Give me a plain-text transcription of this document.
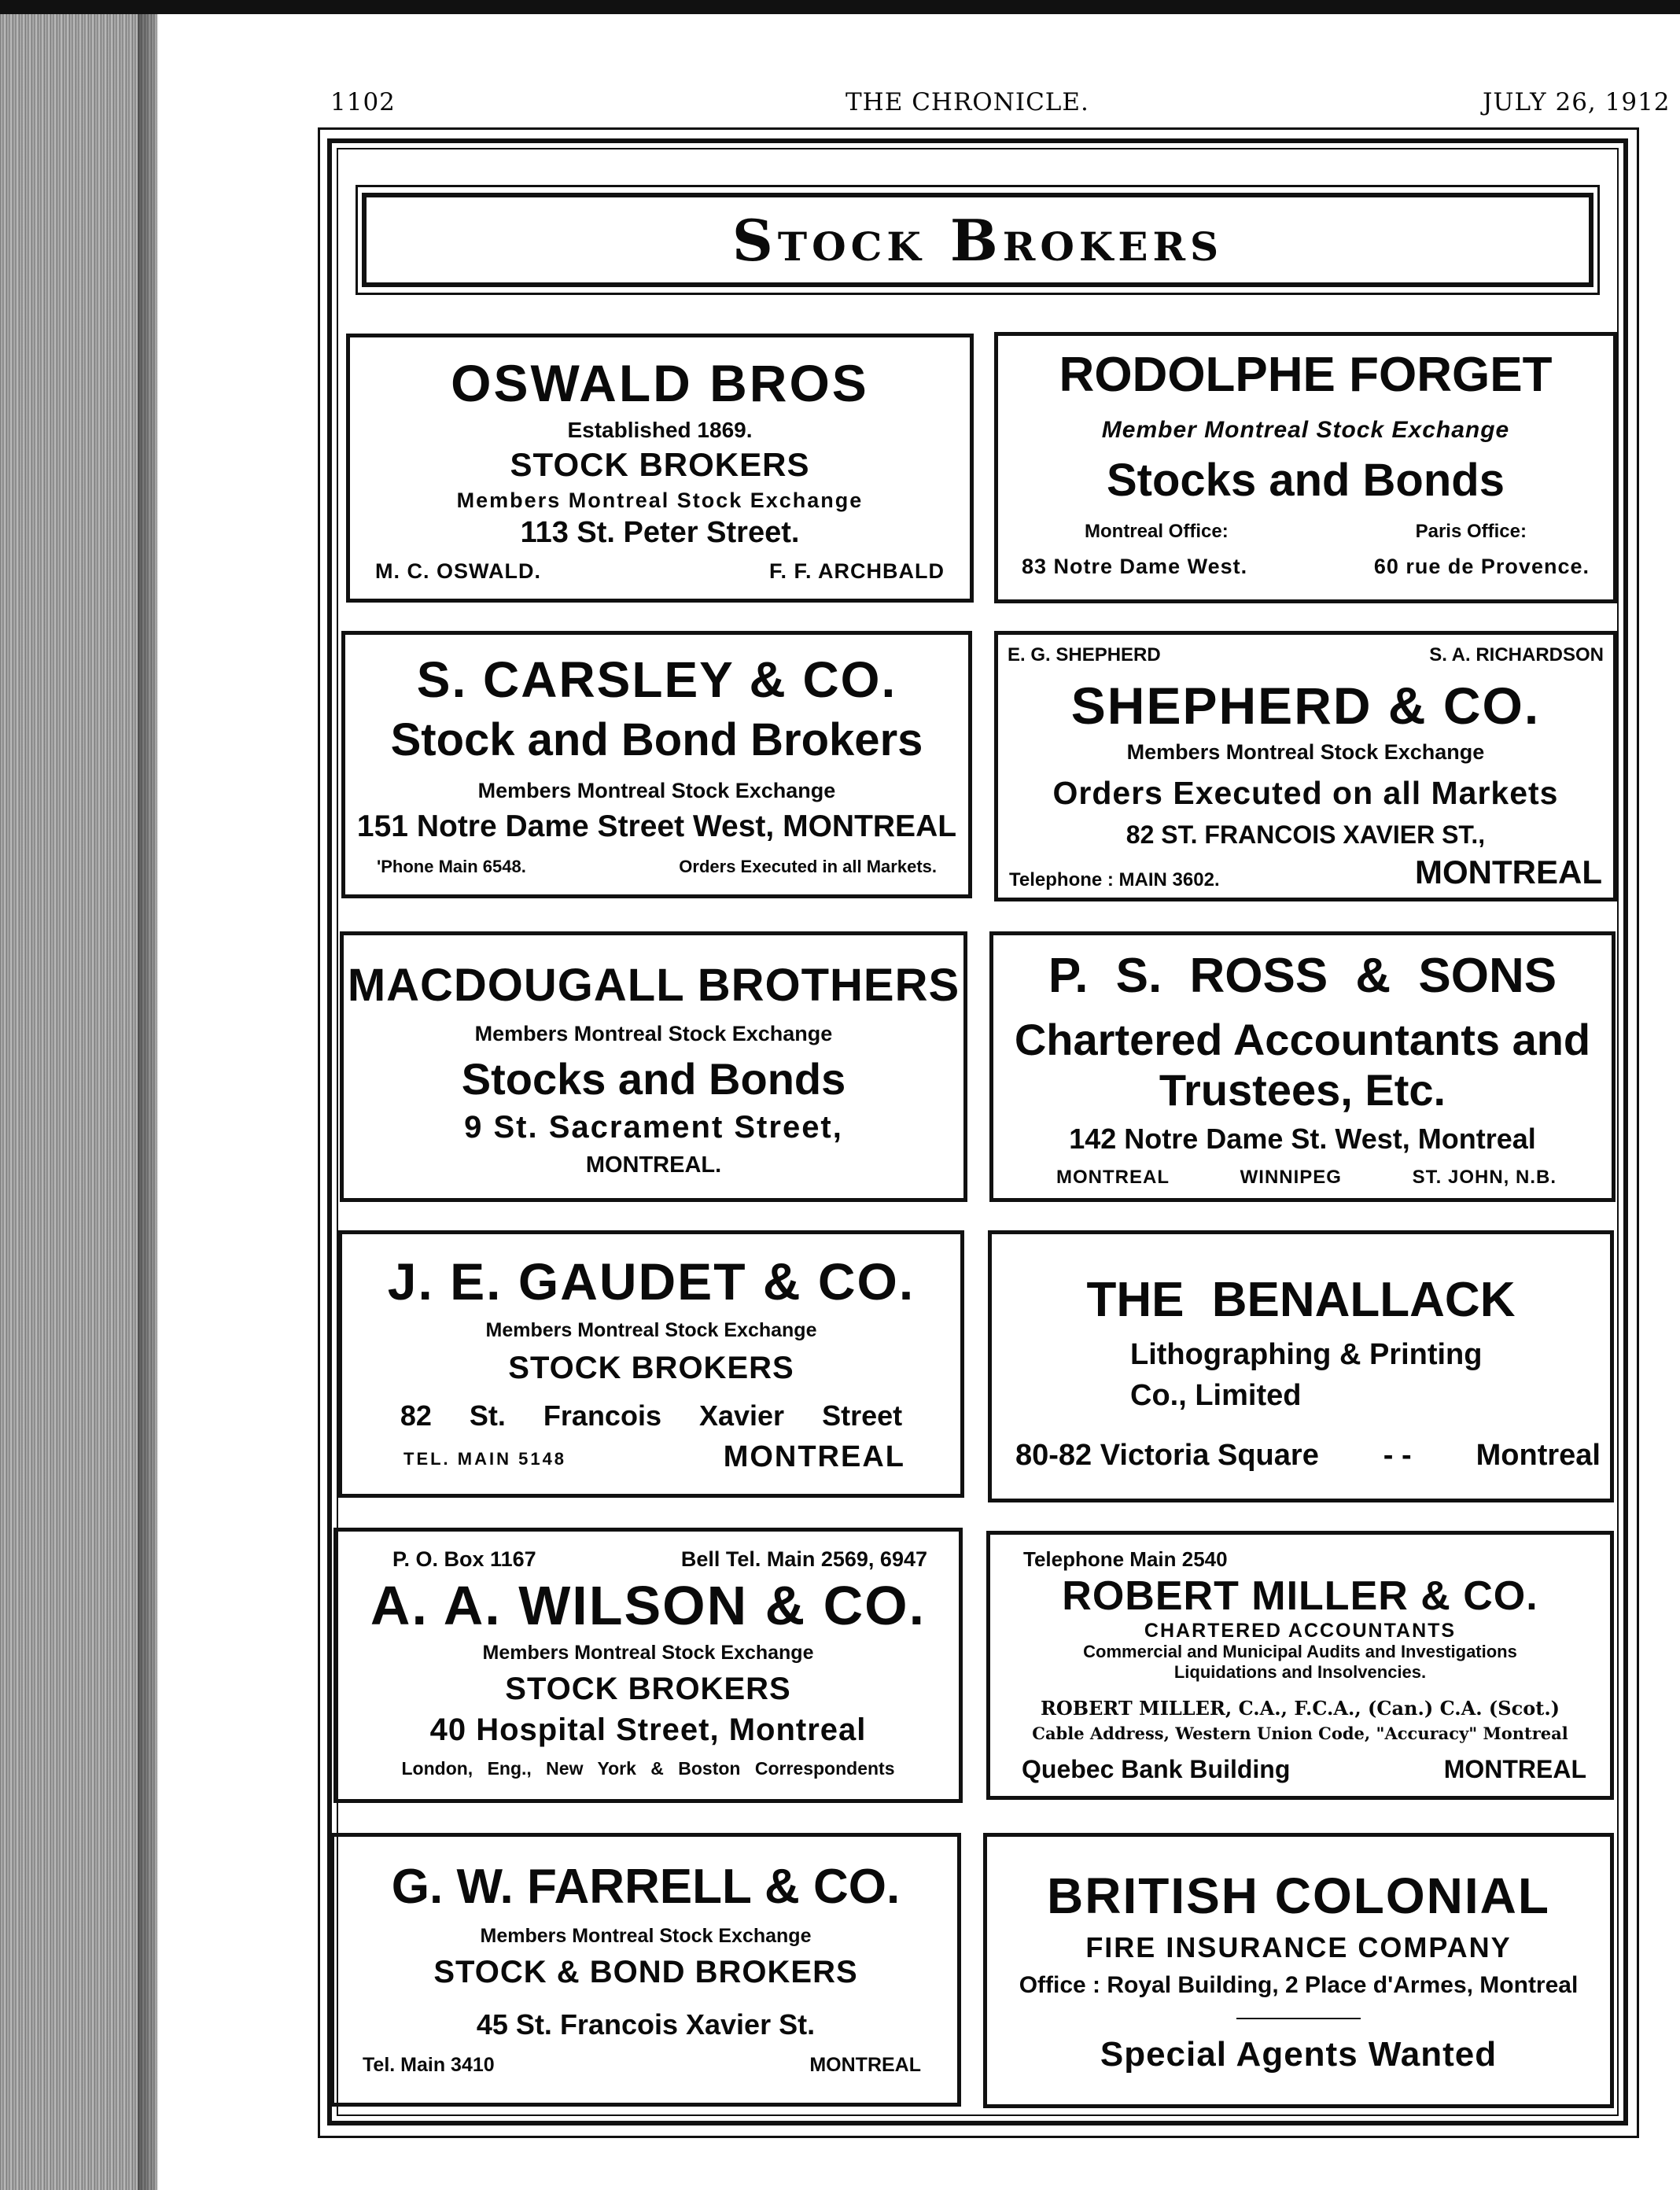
1102	THE CHRONICLE.	JULY 26, 1912
Stock Brokers
OSWALD BROS
Established 1869.
STOCK BROKERS
Members Montreal Stock Exchange
113 St. Peter Street.
M. C. OSWALD.	F. F. ARCHBALD
RODOLPHE FORGET
Member Montreal Stock Exchange
Stocks and Bonds
Montreal Office:	Paris Office:
83 Notre Dame West.	60 rue de Provence.
S. CARSLEY & CO.
Stock and Bond Brokers
Members Montreal Stock Exchange
151 Notre Dame Street West, MONTREAL
'Phone Main 6548.	Orders Executed in all Markets.
E. G. SHEPHERD	S. A. RICHARDSON
SHEPHERD & CO.
Members Montreal Stock Exchange
Orders Executed on all Markets
82 ST. FRANCOIS XAVIER ST.,
Telephone : MAIN 3602.	MONTREAL
MACDOUGALL BROTHERS
Members Montreal Stock Exchange
Stocks and Bonds
9 St. Sacrament Street,
MONTREAL.
P. S. ROSS & SONS
Chartered Accountants and
Trustees, Etc.
142 Notre Dame St. West, Montreal
MONTREAL	WINNIPEG	ST. JOHN, N.B.
J. E. GAUDET & CO.
Members Montreal Stock Exchange
STOCK BROKERS
82 St. Francois Xavier Street
TEL. MAIN 5148	MONTREAL
THE BENALLACK
Lithographing & Printing
Co., Limited
80-82 Victoria Square - - Montreal
P. O. Box 1167	Bell Tel. Main 2569, 6947
A. A. WILSON & CO.
Members Montreal Stock Exchange
STOCK BROKERS
40 Hospital Street, Montreal
London, Eng., New York & Boston Correspondents
Telephone Main 2540
ROBERT MILLER & CO.
CHARTERED ACCOUNTANTS
Commercial and Municipal Audits and Investigations
Liquidations and Insolvencies.
ROBERT MILLER, C.A., F.C.A., (Can.) C.A. (Scot.)
Cable Address, Western Union Code, "Accuracy" Montreal
Quebec Bank Building	MONTREAL
G. W. FARRELL & CO.
Members Montreal Stock Exchange
STOCK & BOND BROKERS
45 St. Francois Xavier St.
Tel. Main 3410	MONTREAL
BRITISH COLONIAL
FIRE INSURANCE COMPANY
Office : Royal Building, 2 Place d'Armes, Montreal
Special Agents Wanted
